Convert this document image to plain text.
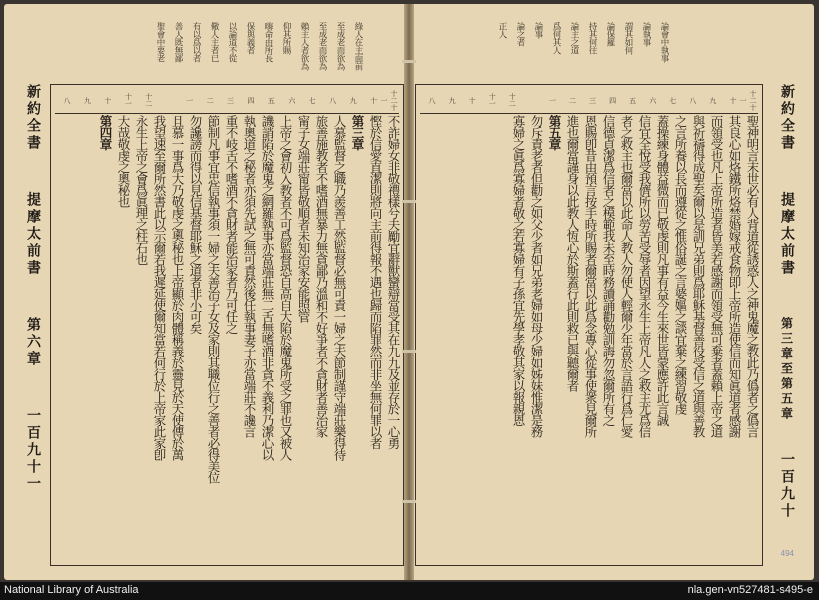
綠人在主面前
至成老而欲為
至成老而欲為
賴主人者欲為
仰其所賜
嗨命由所長
保與義者
以論道不從
儆人主者已
有以爲以者
善人既無鄙
聖會中要老
新約全書
提摩太前書
第六章
一百九十一
十二十一
十
九
八
七
六
五
四
三
二
一
十二
十一
十
九
八
不詐婦女非敬禮樣兮夫勵宜辭獸蠻辯當受其在九九及並存於一心勇
慳於信愛直潔則將向主前得報不遇也歸而陷罪然而非坐無何罪以者
第三章
人慕監督之職乃羨善工然監督必無可責一婦之夫節制謹守端莊樂得待
旅善施教者不嗜酒無暴力無貪鄙乃溫和不好爭者不貪財者善治家
甯子女端莊甯皆敬順者未知治家安能照管
上帝之會初入教者不可爲監督恐自高自大陷於魔鬼所受之罪也又被人
譏誚陷於魔鬼之網羅執事亦當端莊無二舌無嗜酒非貪不義利乃潔心以
執奧道之秘者亦須先試之無可責然後任執事妻子亦當端莊不讒言
重不岐舌不嗜酒不貪財者能治家者乃可任之
節制凡事宜忠信執事須一婦之夫善治子女及家則其職位行之善者必得美位
勿讒謗而得以見信基督耶穌之道者非小可矣
且慕一事爲大乃敬虔之奧秘也上帝顯於肉體稱義於靈見於天使傳於萬
我望速至爾所然書此以示爾若我遲延使爾知當若何行於上帝家此家卽
永生上帝之會爲眞理之柱石也
大哉敬虔之奧秘也
第四章
論會中執事
論執事
謂其如何
論保羅
持其何往
論主之道
爲何其人
論事
論之者
正人
十二十一
十
九
八
七
六
五
四
三
二
一
十二
十一
十
九
八
聖神明言末世必有人背道從誘惑人之神鬼魔之教此乃僞者之僞言
其良心如烙鐵所烙禁婚嫁戒食物即上帝所造使信而知眞道者感謝
而領受也凡上帝所造者皆美若感謝而領受無可棄者蓋賴上帝之道
與祈禱得成聖矣爾以是訓兄弟則爲耶穌基督善役受信之道與善教
之言所養以長而遵從之惟俗誕之言婆嫗之談宜棄之練習敬虔
蓋操練身體益微而已敬虔則凡事有益今生來世皆蒙應許此言誠
信宜全悅受我儕所以勞苦受辱者因望永生上帝凡人之救主尤爲信
者之救主也爾當以此命人教人勿使人輕爾少年當於言語行爲仁愛
信德貞潔爲信者之模範我未至時務讀誦勸勉訓誨勿忽爾所有之
恩賜卽昔由預言按手時所賜者爾當以此爲念專心從事使衆見爾所
進也爾當謹身以此教人恆心於斯蓋行此則救已與聽爾者
第五章
勿斥責老者但勸之如父少者如兄弟老婦如母少婦如姊妹惟潔是務
寡婦之眞爲寡婦者敬之若寡婦有子孫宜先學孝敬其家以報親恩	新約全書
提摩太前書
第三章至第五章
一百九十
494
National Library of Australia	nla.gen-vn527481-s495-e
